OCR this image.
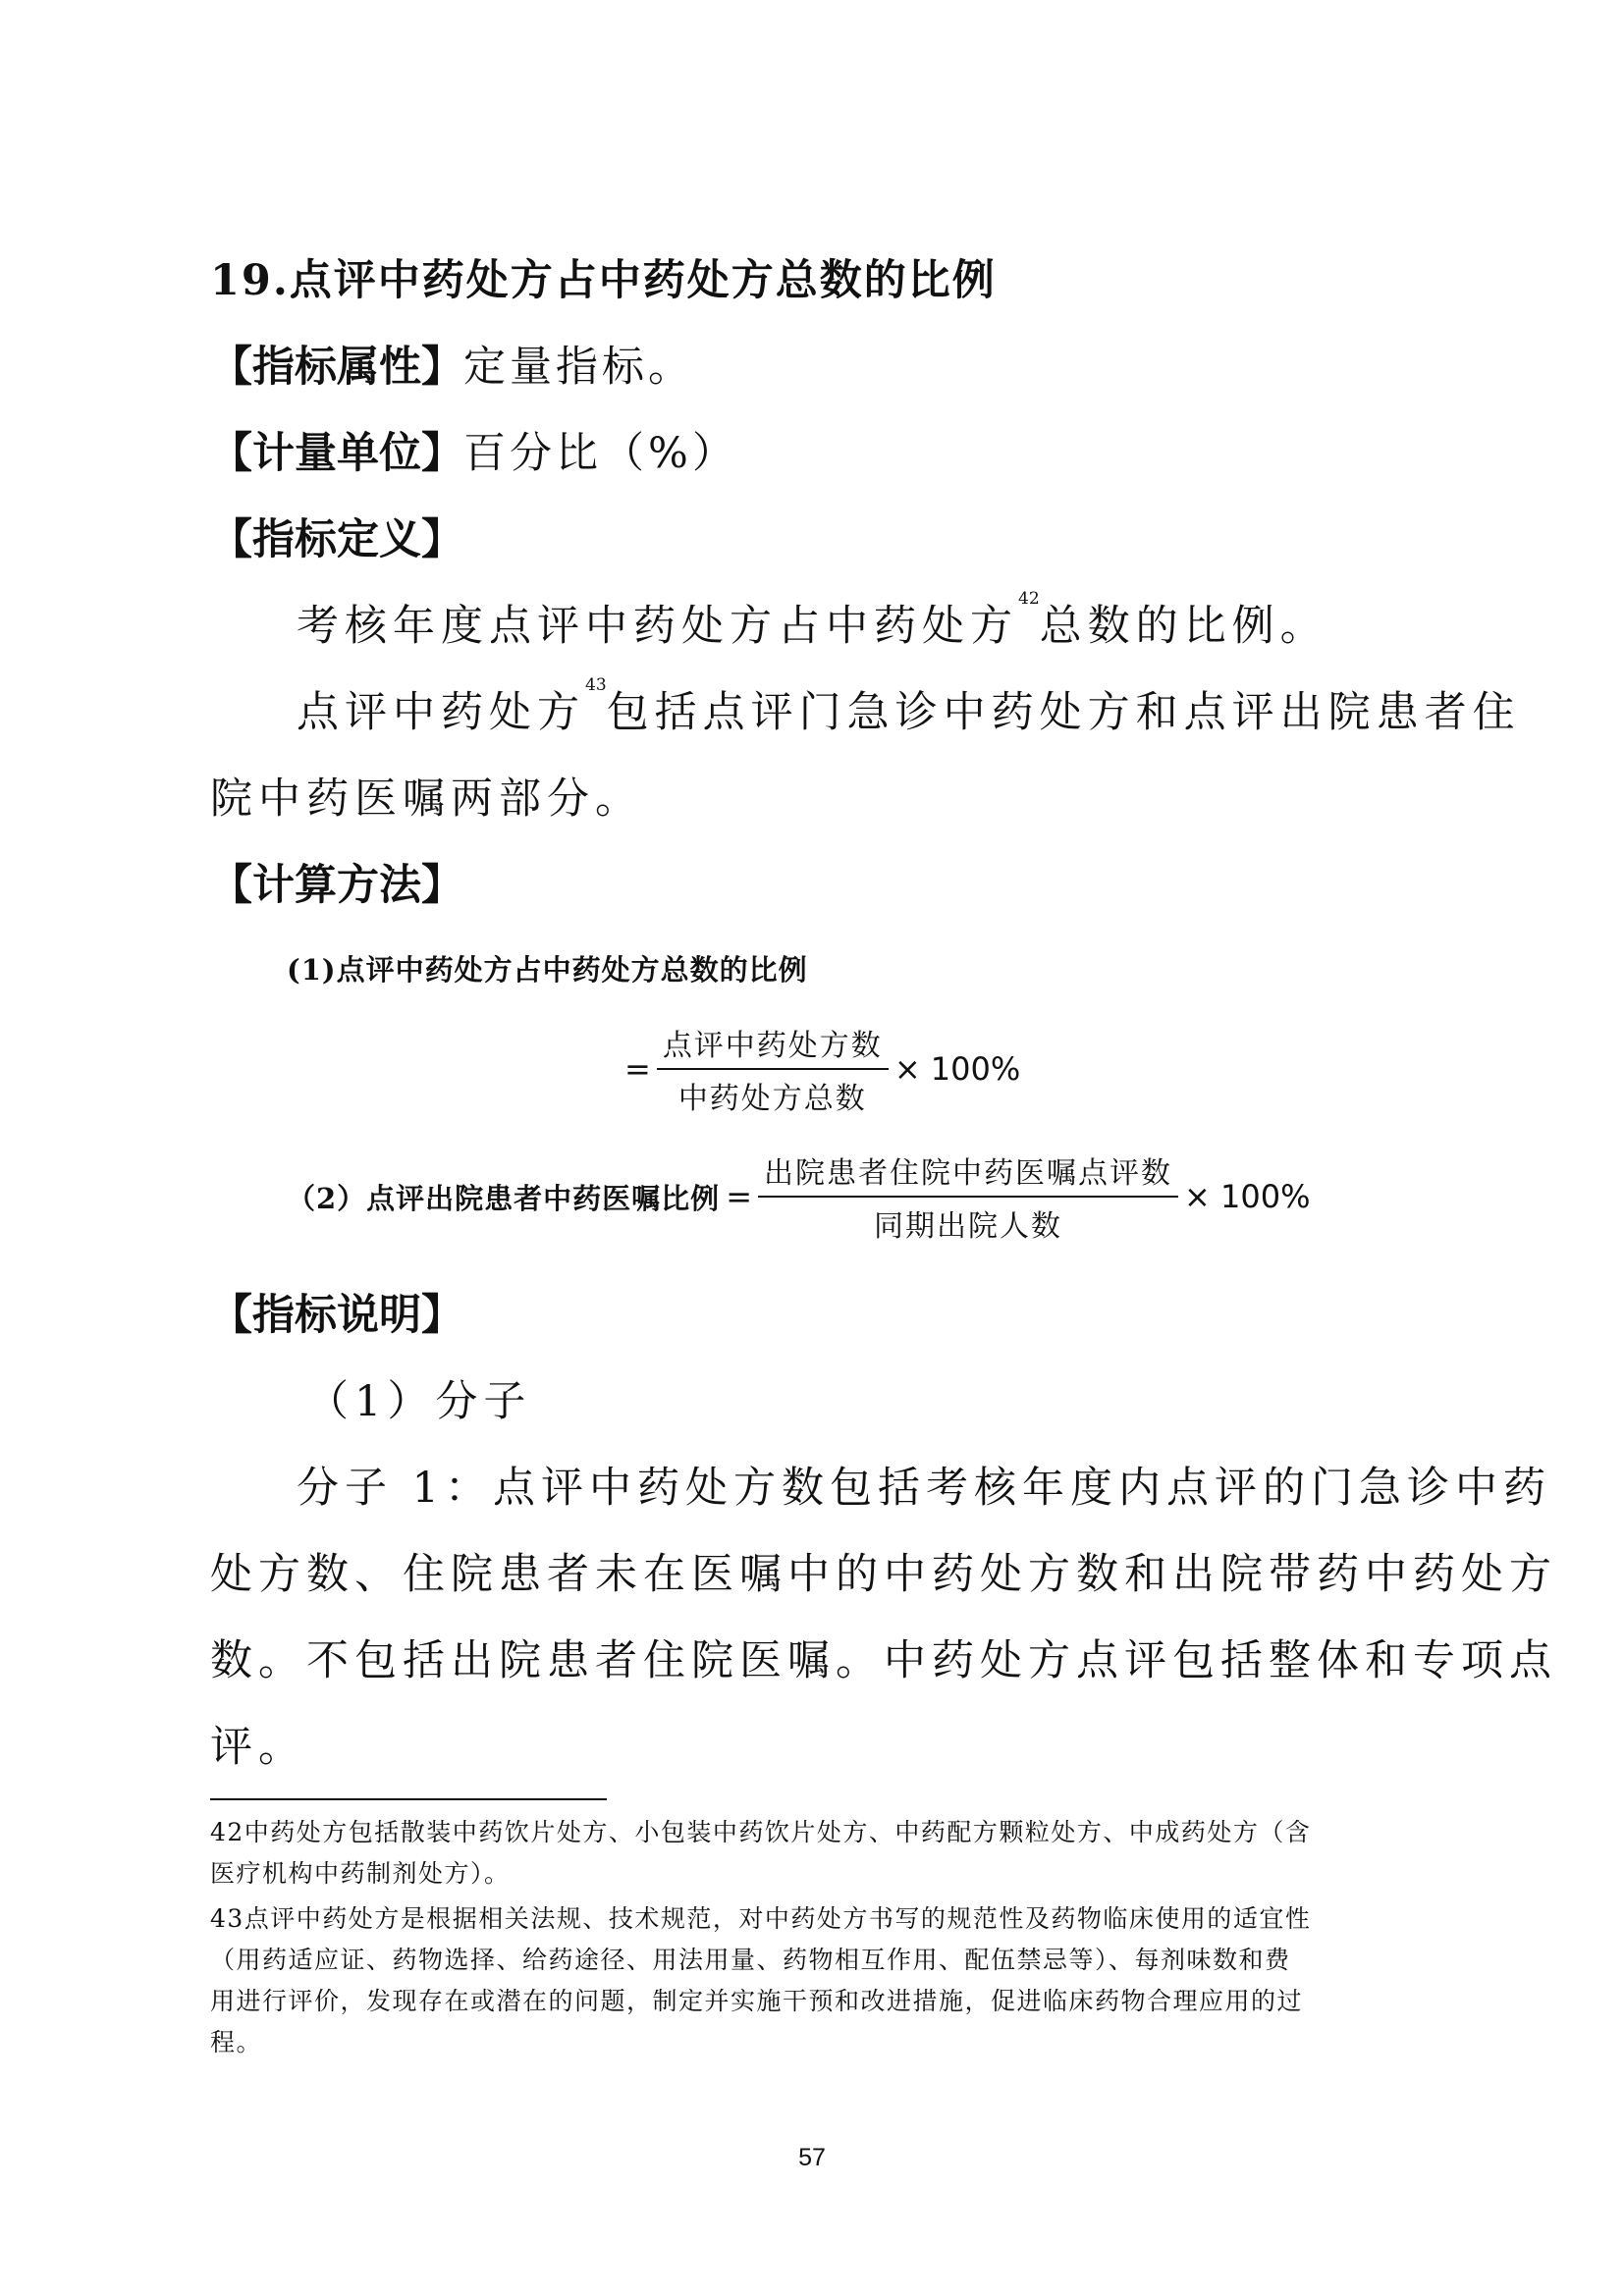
19.点评中药处方占中药处方总数的比例
【指标属性】定量指标。
【计量单位】百分比（%）
【指标定义】
考核年度点评中药处方占中药处方$^{42}$总数的比例。
点评中药处方$^{43}$包括点评门急诊中药处方和点评出院患者住
院中药医嘱两部分。
【计算方法】
(1)点评中药处方占中药处方总数的比例
= $\frac{\text{点评中药处方数}}{\text{中药处方总数}} \times 100\%$
（2）点评出院患者中药医嘱比例 = $\frac{\text{出院患者住院中药医嘱点评数}}{\text{同期出院人数}} \times 100\%$
【指标说明】
（1）分子
分子 1：点评中药处方数包括考核年度内点评的门急诊中药
处方数、住院患者未在医嘱中的中药处方数和出院带药中药处方
数。不包括出院患者住院医嘱。中药处方点评包括整体和专项点
评。
42中药处方包括散装中药饮片处方、小包装中药饮片处方、中药配方颗粒处方、中成药处方（含
医疗机构中药制剂处方）。
43点评中药处方是根据相关法规、技术规范，对中药处方书写的规范性及药物临床使用的适宜性
（用药适应证、药物选择、给药途径、用法用量、药物相互作用、配伍禁忌等）、每剂味数和费
用进行评价，发现存在或潜在的问题，制定并实施干预和改进措施，促进临床药物合理应用的过
程。
57
